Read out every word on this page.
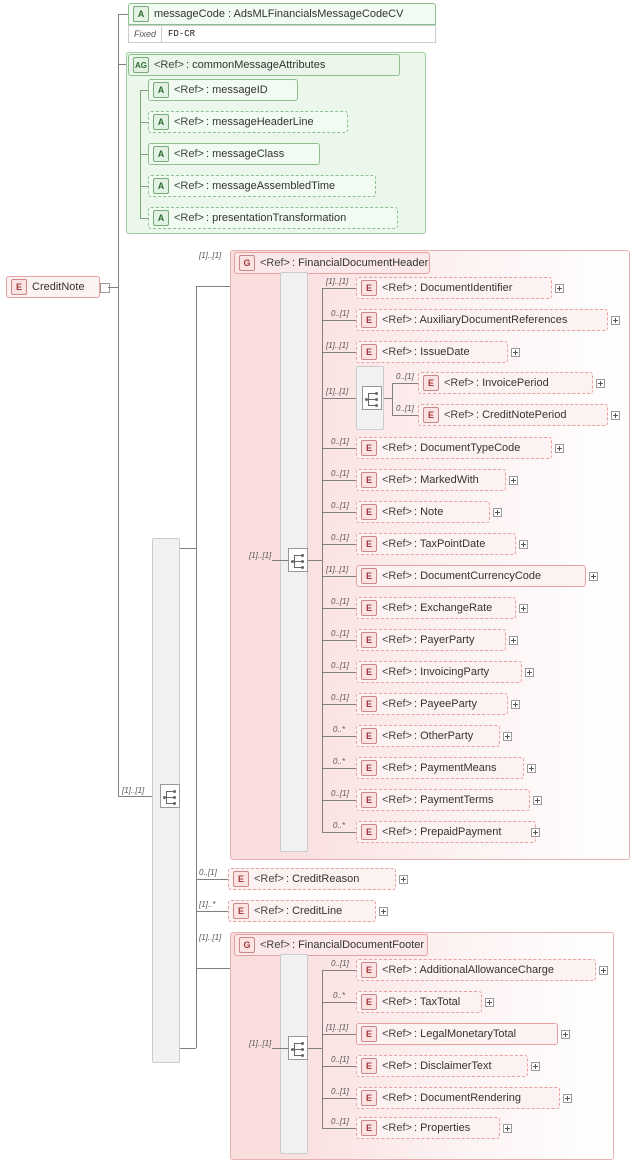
E CreditNote
[1]..[1]
A messageCode : AdsMLFinancialsMessageCodeCV
Fixed	FD-CR
AG <Ref> : commonMessageAttributes
A <Ref> : messageID
A <Ref> : messageHeaderLine
A <Ref> : messageClass
A <Ref> : messageAssembledTime
A <Ref> : presentationTransformation
[1]..[1]
0..[1]
[1]..*
[1]..[1]
G <Ref> : FinancialDocumentHeader
[1]..[1]
[1]..[1]
E <Ref> : DocumentIdentifier
0..[1]
E <Ref> : AuxiliaryDocumentReferences
[1]..[1]
E <Ref> : IssueDate
[1]..[1]
0..[1]
E <Ref> : InvoicePeriod
0..[1]
E <Ref> : CreditNotePeriod
0..[1]
E <Ref> : DocumentTypeCode
0..[1]
E <Ref> : MarkedWith
0..[1]
E <Ref> : Note
0..[1]
E <Ref> : TaxPointDate
[1]..[1]
E <Ref> : DocumentCurrencyCode
0..[1]
E <Ref> : ExchangeRate
0..[1]
E <Ref> : PayerParty
0..[1]
E <Ref> : InvoicingParty
0..[1]
E <Ref> : PayeeParty
0..*
E <Ref> : OtherParty
0..*
E <Ref> : PaymentMeans
0..[1]
E <Ref> : PaymentTerms
0..*
E <Ref> : PrepaidPayment
E <Ref> : CreditReason
E <Ref> : CreditLine
G <Ref> : FinancialDocumentFooter
[1]..[1]
0..[1]
E <Ref> : AdditionalAllowanceCharge
0..*
E <Ref> : TaxTotal
[1]..[1]
E <Ref> : LegalMonetaryTotal
0..[1]
E <Ref> : DisclaimerText
0..[1]
E <Ref> : DocumentRendering
0..[1]
E <Ref> : Properties
